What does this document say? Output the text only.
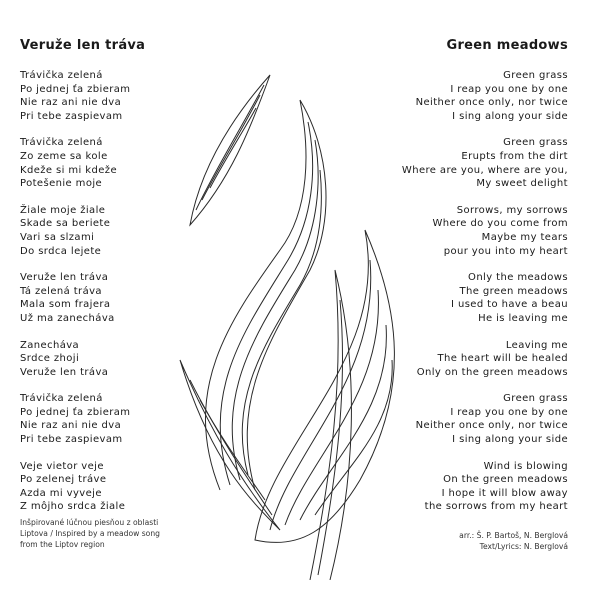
Veruže len tráva
Trávička zelená
Po jednej ťa zbieram
Nie raz ani nie dva
Pri tebe zaspievam
Trávička zelená
Zo zeme sa kole
Kdeže si mi kdeže
Potešenie moje
Žiale moje žiale
Skade sa beriete
Vari sa slzami
Do srdca lejete
Veruže len tráva
Tá zelená tráva
Mala som frajera
Už ma zanecháva
Zanecháva
Srdce zhoji
Veruže len tráva
Trávička zelená
Po jednej ťa zbieram
Nie raz ani nie dva
Pri tebe zaspievam
Veje vietor veje
Po zelenej tráve
Azda mi vyveje
Z môjho srdca žiale
Green meadows
Green grass
I reap you one by one
Neither once only, nor twice
I sing along your side
Green grass
Erupts from the dirt
Where are you, where are you,
My sweet delight
Sorrows, my sorrows
Where do you come from
Maybe my tears
pour you into my heart
Only the meadows
The green meadows
I used to have a beau
He is leaving me
Leaving me
The heart will be healed
Only on the green meadows
Green grass
I reap you one by one
Neither once only, nor twice
I sing along your side
Wind is blowing
On the green meadows
I hope it will blow away
the sorrows from my heart
Inšpirované lúčnou piesňou z oblasti
Liptova / Inspired by a meadow song
from the Liptov region
arr.: Š. P. Bartoš, N. Berglová
Text/Lyrics: N. Berglová
